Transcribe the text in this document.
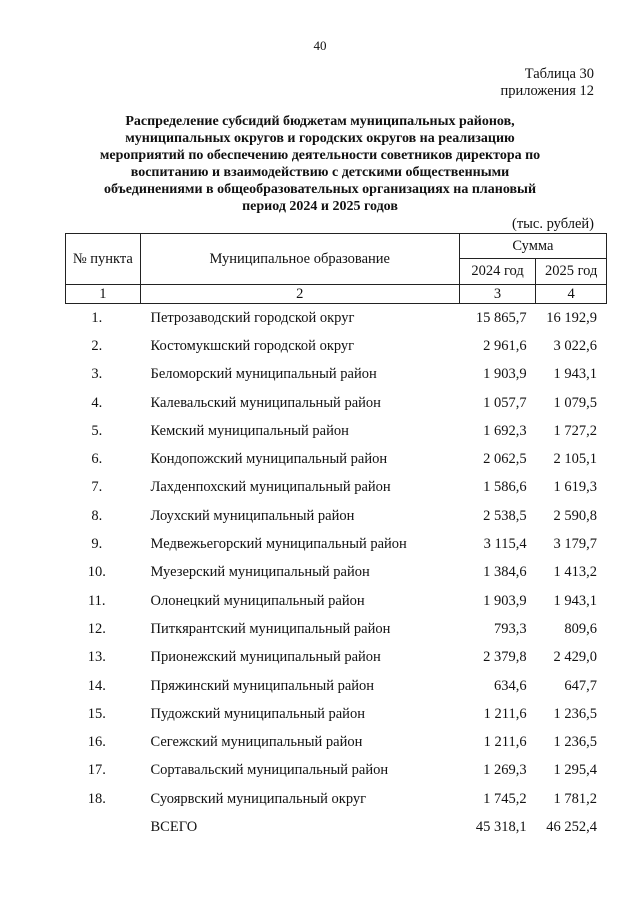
40
Таблица 30
приложения 12
Распределение субсидий бюджетам муниципальных районов, муниципальных округов и городских округов на реализацию мероприятий по обеспечению деятельности советников директора по воспитанию и взаимодействию с детскими общественными объединениями в общеобразовательных организациях на плановый период 2024 и 2025 годов
(тыс. рублей)
№ пункта	Муниципальное образование	Сумма	
		2024 год	2025 год
1	2	3	4
1.	Петрозаводский городской округ	15 865,7	16 192,9
2.	Костомукшский городской округ	2 961,6	3 022,6
3.	Беломорский муниципальный район	1 903,9	1 943,1
4.	Калевальский муниципальный район	1 057,7	1 079,5
5.	Кемский муниципальный район	1 692,3	1 727,2
6.	Кондопожский муниципальный район	2 062,5	2 105,1
7.	Лахденпохский муниципальный район	1 586,6	1 619,3
8.	Лоухский муниципальный район	2 538,5	2 590,8
9.	Медвежьегорский муниципальный район	3 115,4	3 179,7
10.	Муезерский муниципальный район	1 384,6	1 413,2
11.	Олонецкий муниципальный район	1 903,9	1 943,1
12.	Питкярантский муниципальный район	793,3	809,6
13.	Прионежский муниципальный район	2 379,8	2 429,0
14.	Пряжинский муниципальный район	634,6	647,7
15.	Пудожский муниципальный район	1 211,6	1 236,5
16.	Сегежский муниципальный район	1 211,6	1 236,5
17.	Сортавальский муниципальный район	1 269,3	1 295,4
18.	Суоярвский муниципальный округ	1 745,2	1 781,2
	ВСЕГО	45 318,1	46 252,4
